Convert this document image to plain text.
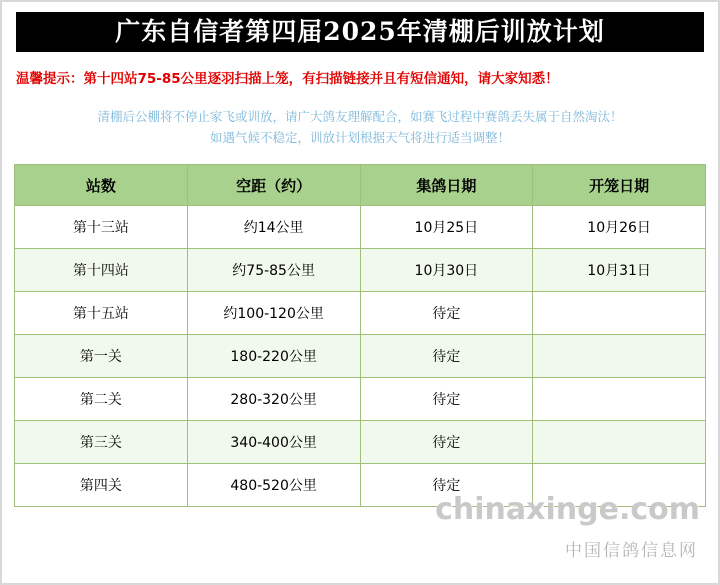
广东自信者第四届2025年清棚后训放计划
温馨提示：第十四站75-85公里逐羽扫描上笼，有扫描链接并且有短信通知，请大家知悉！
清棚后公棚将不停止家飞或训放，请广大鸽友理解配合，如赛飞过程中赛鸽丢失属于自然淘汰！
如遇气候不稳定，训放计划根据天气将进行适当调整！
站数	空距（约）	集鸽日期	开笼日期
第十三站	约14公里	10月25日	10月26日
第十四站	约75-85公里	10月30日	10月31日
第十五站	约100-120公里	待定	
第一关	180-220公里	待定	
第二关	280-320公里	待定	
第三关	340-400公里	待定	
第四关	480-520公里	待定	
chinaxinge.com
中国信鸽信息网
